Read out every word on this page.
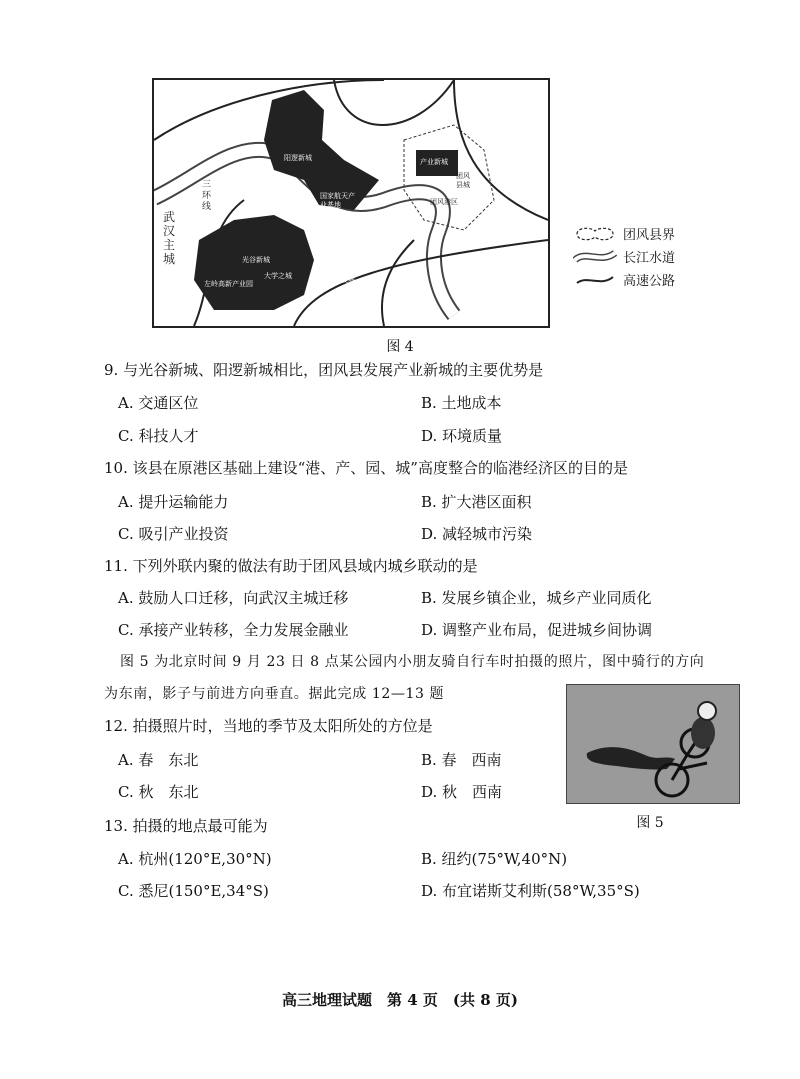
武汉主城
三环线
阳逻新城
国家航天产业基地
产业新城
团风县城
团风港区
光谷新城	光谷生物产业园
大学之城	未来科技城
左岭高新产业园
团风县界
长江水道
高速公路
图 4
9. 与光谷新城、阳逻新城相比，团风县发展产业新城的主要优势是
A. 交通区位	B. 土地成本
C. 科技人才	D. 环境质量
10. 该县在原港区基础上建设“港、产、园、城”高度整合的临港经济区的目的是
A. 提升运输能力	B. 扩大港区面积
C. 吸引产业投资	D. 减轻城市污染
11. 下列外联内聚的做法有助于团风县域内城乡联动的是
A. 鼓励人口迁移，向武汉主城迁移	B. 发展乡镇企业，城乡产业同质化
C. 承接产业转移，全力发展金融业	D. 调整产业布局，促进城乡间协调
图 5 为北京时间 9 月 23 日 8 点某公园内小朋友骑自行车时拍摄的照片，图中骑行的方向
为东南，影子与前进方向垂直。据此完成 12—13 题
图 5
12. 拍摄照片时，当地的季节及太阳所处的方位是
A. 春　东北	B. 春　西南
C. 秋　东北	D. 秋　西南
13. 拍摄的地点最可能为
A. 杭州(120°E,30°N)	B. 纽约(75°W,40°N)
C. 悉尼(150°E,34°S)	D. 布宜诺斯艾利斯(58°W,35°S)
高三地理试题　第 4 页　(共 8 页)
